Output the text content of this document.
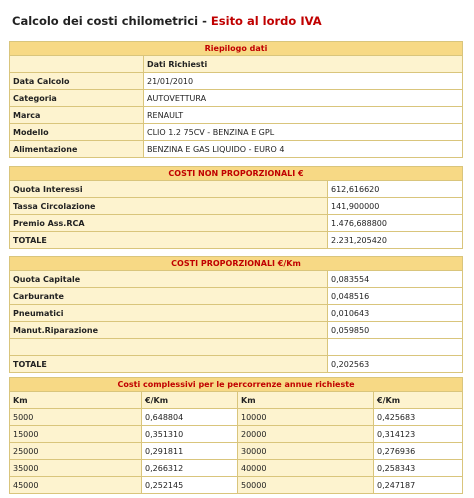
Calcolo dei costi chilometrici - Esito al lordo IVA
Riepilogo dati	
	Dati Richiesti
Data Calcolo	21/01/2010
Categoria	AUTOVETTURA
Marca	RENAULT
Modello	CLIO 1.2 75CV - BENZINA E GPL
Alimentazione	BENZINA E GAS LIQUIDO - EURO 4
COSTI NON PROPORZIONALI €	
Quota Interessi	612,616620
Tassa Circolazione	141,900000
Premio Ass.RCA	1.476,688800
TOTALE	2.231,205420
COSTI PROPORZIONALI €/Km	
Quota Capitale	0,083554
Carburante	0,048516
Pneumatici	0,010643
Manut.Riparazione	0,059850

TOTALE	0,202563
Costi complessivi per le percorrenze annue richieste			
Km	€/Km	Km	€/Km
5000	0,648804	10000	0,425683
15000	0,351310	20000	0,314123
25000	0,291811	30000	0,276936
35000	0,266312	40000	0,258343
45000	0,252145	50000	0,247187
